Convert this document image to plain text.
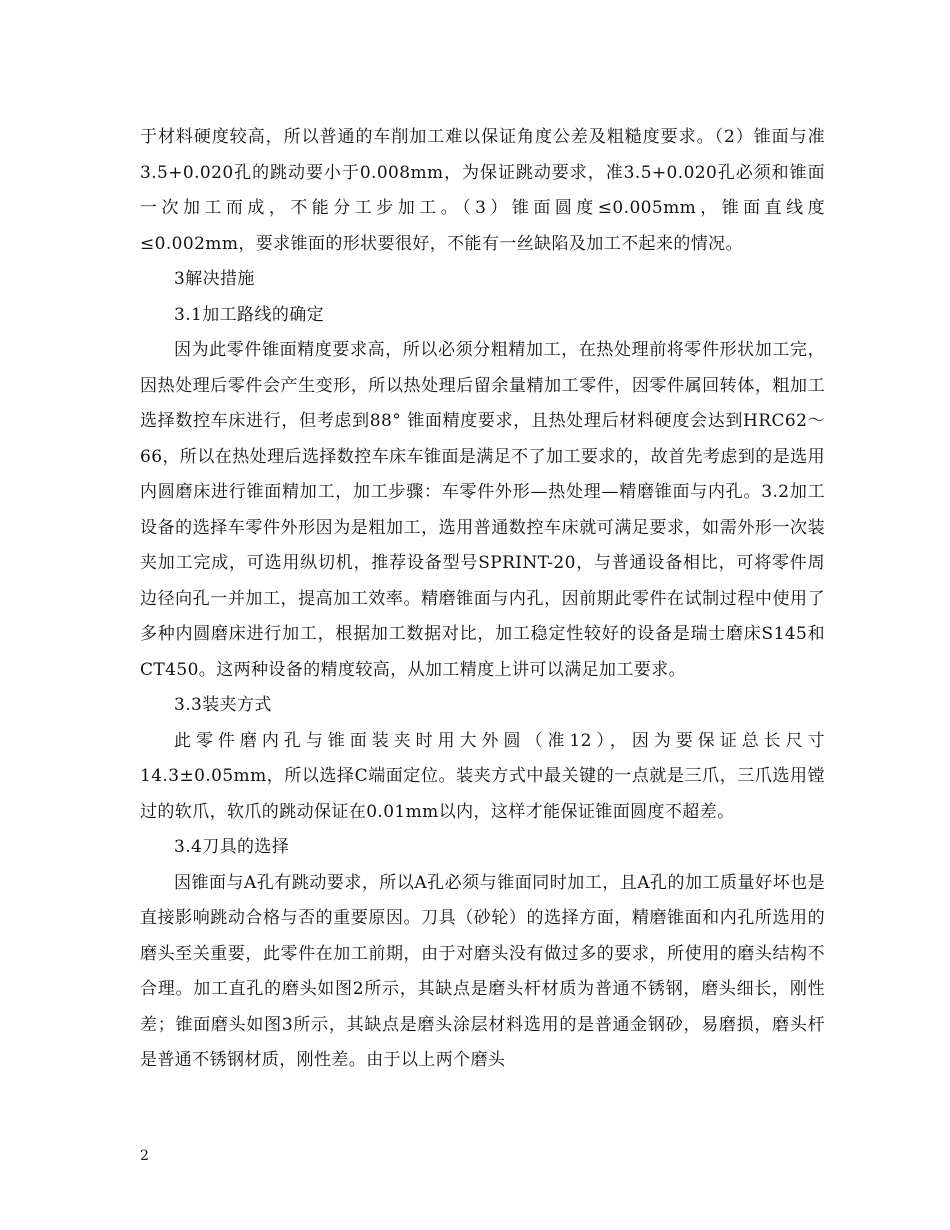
于材料硬度较高，所以普通的车削加工难以保证角度公差及粗糙度要求。（2）锥面与准3.5+0.020孔的跳动要小于0.008mm，为保证跳动要求，准3.5+0.020孔必须和锥面一次加工而成，不能分工步加工。（3）锥面圆度≤0.005mm，锥面直线度≤0.002mm，要求锥面的形状要很好，不能有一丝缺陷及加工不起来的情况。

3解决措施

3.1加工路线的确定

因为此零件锥面精度要求高，所以必须分粗精加工，在热处理前将零件形状加工完，因热处理后零件会产生变形，所以热处理后留余量精加工零件，因零件属回转体，粗加工选择数控车床进行，但考虑到88° 锥面精度要求，且热处理后材料硬度会达到HRC62～66，所以在热处理后选择数控车床车锥面是满足不了加工要求的，故首先考虑到的是选用内圆磨床进行锥面精加工，加工步骤：车零件外形—热处理—精磨锥面与内孔。3.2加工设备的选择车零件外形因为是粗加工，选用普通数控车床就可满足要求，如需外形一次装夹加工完成，可选用纵切机，推荐设备型号SPRINT-20，与普通设备相比，可将零件周边径向孔一并加工，提高加工效率。精磨锥面与内孔，因前期此零件在试制过程中使用了多种内圆磨床进行加工，根据加工数据对比，加工稳定性较好的设备是瑞士磨床S145和CT450。这两种设备的精度较高，从加工精度上讲可以满足加工要求。

3.3装夹方式

此零件磨内孔与锥面装夹时用大外圆（准12），因为要保证总长尺寸14.3±0.05mm，所以选择C端面定位。装夹方式中最关键的一点就是三爪，三爪选用镗过的软爪，软爪的跳动保证在0.01mm以内，这样才能保证锥面圆度不超差。

3.4刀具的选择

因锥面与A孔有跳动要求，所以A孔必须与锥面同时加工，且A孔的加工质量好坏也是直接影响跳动合格与否的重要原因。刀具（砂轮）的选择方面，精磨锥面和内孔所选用的磨头至关重要，此零件在加工前期，由于对磨头没有做过多的要求，所使用的磨头结构不合理。加工直孔的磨头如图2所示，其缺点是磨头杆材质为普通不锈钢，磨头细长，刚性差；锥面磨头如图3所示，其缺点是磨头涂层材料选用的是普通金钢砂，易磨损，磨头杆是普通不锈钢材质，刚性差。由于以上两个磨头

2
